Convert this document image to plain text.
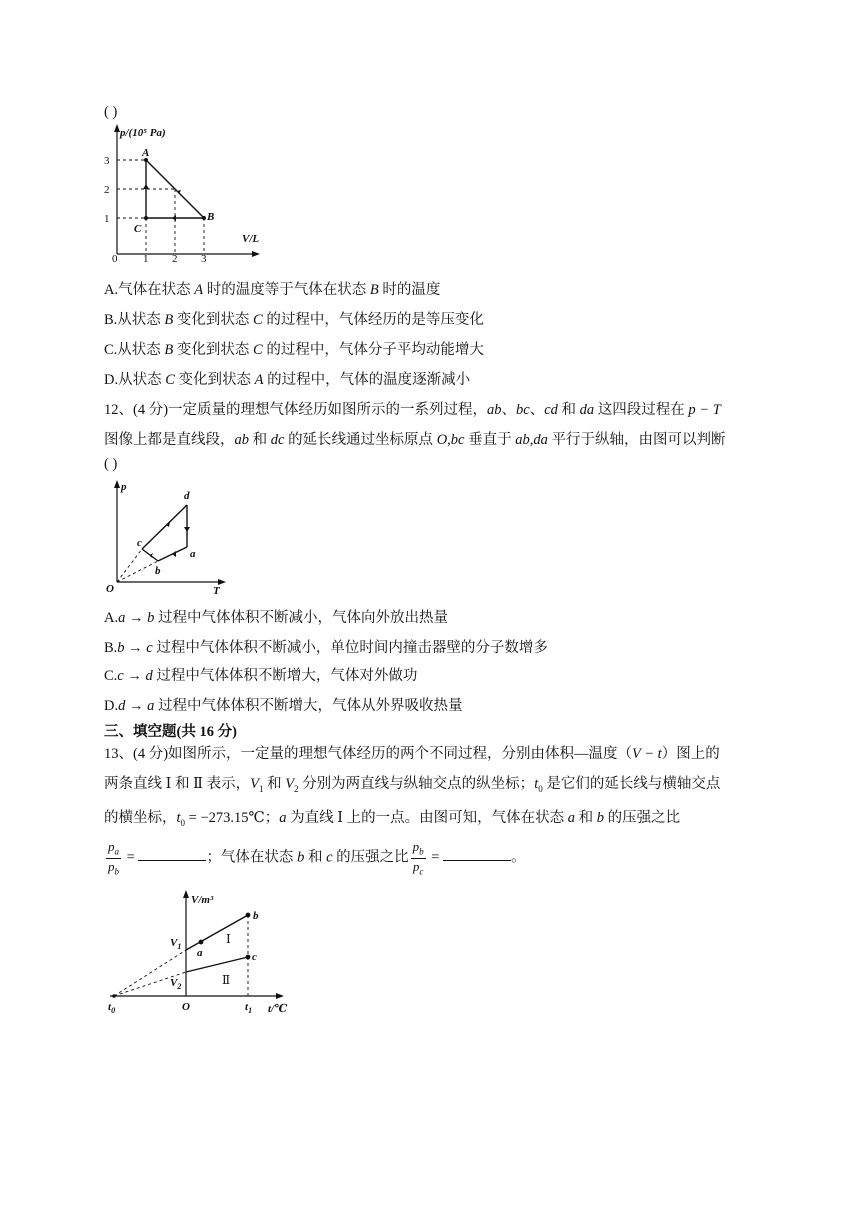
( )
p/(10⁵ Pa)
V/L
0
3
2
1
1 2 3
A
B
C
A.气体在状态 A 时的温度等于气体在状态 B 时的温度
B.从状态 B 变化到状态 C 的过程中，气体经历的是等压变化
C.从状态 B 变化到状态 C 的过程中，气体分子平均动能增大
D.从状态 C 变化到状态 A 的过程中，气体的温度逐渐减小
12、(4 分)一定质量的理想气体经历如图所示的一系列过程，ab、bc、cd 和 da 这四段过程在 p − T
图像上都是直线段，ab 和 dc 的延长线通过坐标原点 O,bc 垂直于 ab,da 平行于纵轴，由图可以判断
( )
p
T
O
d
a
b
c
A.a → b 过程中气体体积不断减小，气体向外放出热量
B.b → c 过程中气体体积不断减小，单位时间内撞击器壁的分子数增多
C.c → d 过程中气体体积不断增大，气体对外做功
D.d → a 过程中气体体积不断增大，气体从外界吸收热量
三、填空题(共 16 分)
13、(4 分)如图所示，一定量的理想气体经历的两个不同过程，分别由体积—温度（V − t）图上的
两条直线 Ⅰ 和 Ⅱ 表示，$V_1$ 和 $V_2$ 分别为两直线与纵轴交点的纵坐标；$t_0$ 是它们的延长线与横轴交点
的横坐标，$t_0$ = −273.15℃；a 为直线 Ⅰ 上的一点。由图可知，气体在状态 a 和 b 的压强之比
$\frac{p_a}{p_b}$ =	；气体在状态 b 和 c 的压强之比 $\frac{p_b}{p_c}$ =	。
V/m³
t/℃
O
$t_0$	$t_1$
$V_1$
$V_2$
a
b
c
Ⅰ
Ⅱ
